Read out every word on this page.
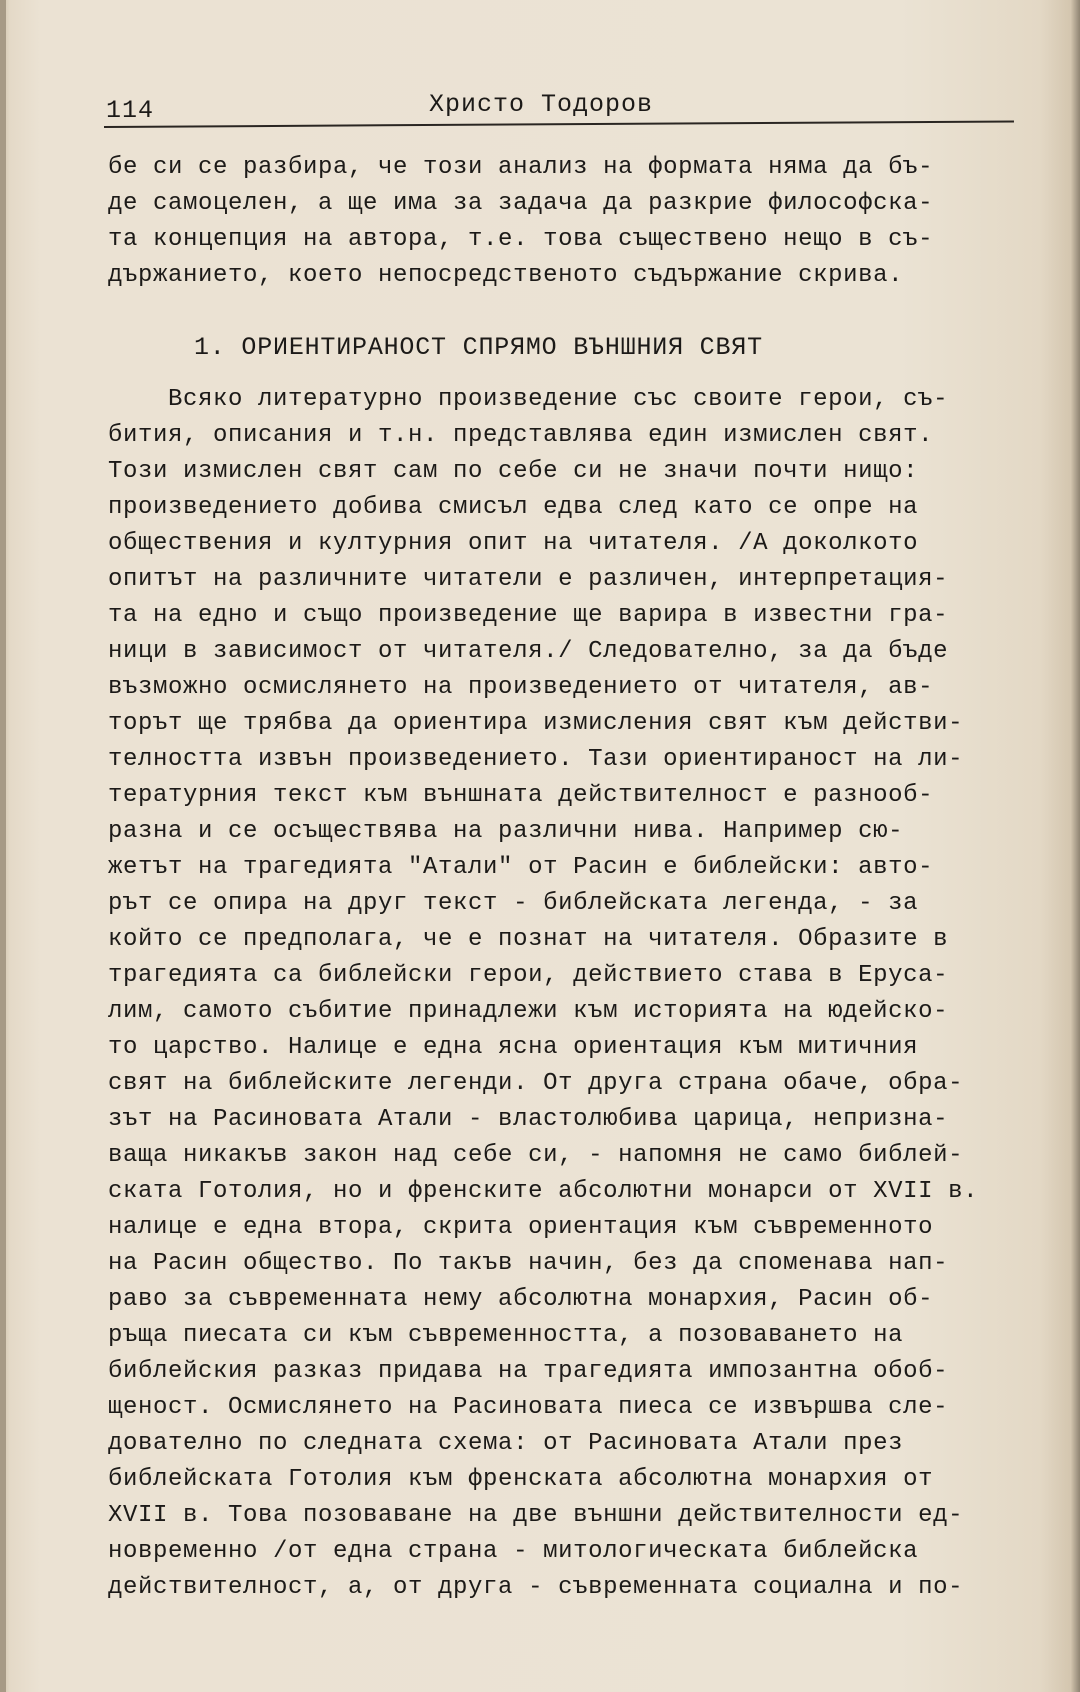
114	Христо Тодоров
бе си се разбира, че този анализ на формата няма да бъ-
де самоцелен, а ще има за задача да разкрие философска-
та концепция на автора, т.е. това съществено нещо в съ-
държанието, което непосредственото съдържание скрива.
1. ОРИЕНТИРАНОСТ СПРЯМО ВЪНШНИЯ СВЯТ
Всяко литературно произведение със своите герои, съ-
бития, описания и т.н. представлява един измислен свят.
Този измислен свят сам по себе си не значи почти нищо:
произведението добива смисъл едва след като се опре на
обществения и културния опит на читателя. /А доколкото
опитът на различните читатели е различен, интерпретация-
та на едно и също произведение ще варира в известни гра-
ници в зависимост от читателя./ Следователно, за да бъде
възможно осмислянето на произведението от читателя, ав-
торът ще трябва да ориентира измисления свят към действи-
телността извън произведението. Тази ориентираност на ли-
тературния текст към външната действителност е разнооб-
разна и се осъществява на различни нива. Например сю-
жетът на трагедията "Атали" от Расин е библейски: авто-
рът се опира на друг текст - библейската легенда, - за
който се предполага, че е познат на читателя. Образите в
трагедията са библейски герои, действието става в Еруса-
лим, самото събитие принадлежи към историята на юдейско-
то царство. Налице е една ясна ориентация към митичния
свят на библейските легенди. От друга страна обаче, обра-
зът на Расиновата Атали - властолюбива царица, непризна-
ваща никакъв закон над себе си, - напомня не само библей-
ската Готолия, но и френските абсолютни монарси от XVII в.
налице е една втора, скрита ориентация към съвременното
на Расин общество. По такъв начин, без да споменава нап-
раво за съвременната нему абсолютна монархия, Расин об-
ръща пиесата си към съвременността, а позоваването на
библейския разказ придава на трагедията импозантна обоб-
щеност. Осмислянето на Расиновата пиеса се извършва сле-
дователно по следната схема: от Расиновата Атали през
библейската Готолия към френската абсолютна монархия от
XVII в. Това позоваване на две външни действителности ед-
новременно /от една страна - митологическата библейска
действителност, а, от друга - съвременната социална и по-
